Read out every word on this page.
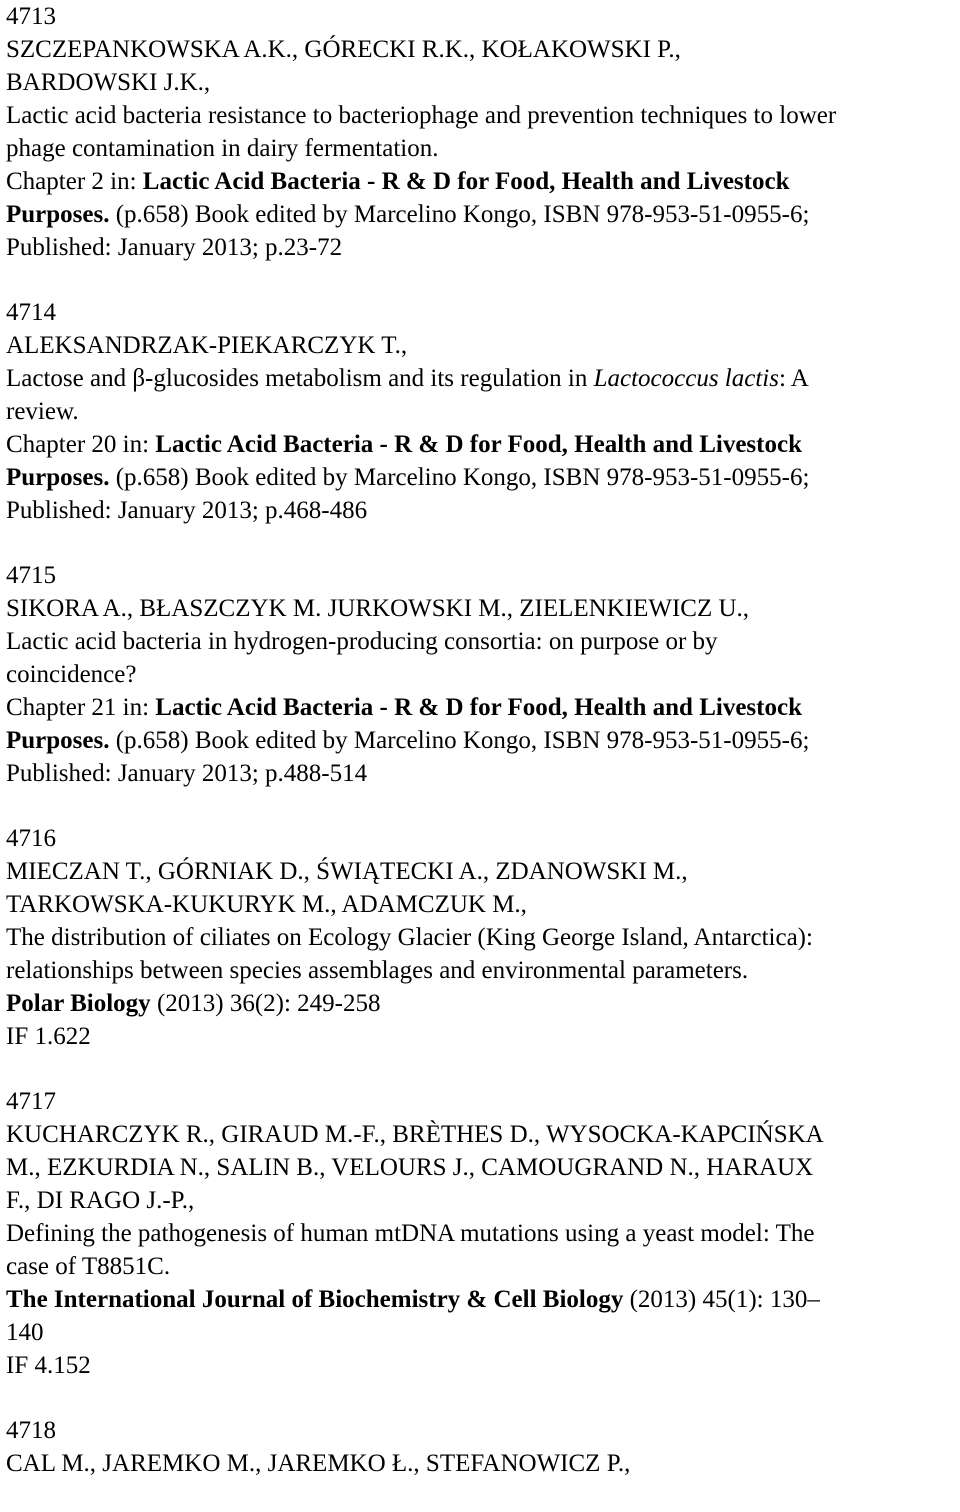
4713
SZCZEPANKOWSKA A.K., GÓRECKI R.K., KOŁAKOWSKI P.,
BARDOWSKI J.K.,
Lactic acid bacteria resistance to bacteriophage and prevention techniques to lower
phage contamination in dairy fermentation.
Chapter 2 in: Lactic Acid Bacteria - R & D for Food, Health and Livestock
Purposes. (p.658) Book edited by Marcelino Kongo, ISBN 978-953-51-0955-6;
Published: January 2013; p.23-72
4714
ALEKSANDRZAK-PIEKARCZYK T.,
Lactose and β-glucosides metabolism and its regulation in Lactococcus lactis: A
review.
Chapter 20 in: Lactic Acid Bacteria - R & D for Food, Health and Livestock
Purposes. (p.658) Book edited by Marcelino Kongo, ISBN 978-953-51-0955-6;
Published: January 2013; p.468-486
4715
SIKORA A., BŁASZCZYK M. JURKOWSKI M., ZIELENKIEWICZ U.,
Lactic acid bacteria in hydrogen-producing consortia: on purpose or by
coincidence?
Chapter 21 in: Lactic Acid Bacteria - R & D for Food, Health and Livestock
Purposes. (p.658) Book edited by Marcelino Kongo, ISBN 978-953-51-0955-6;
Published: January 2013; p.488-514
4716
MIECZAN T., GÓRNIAK D., ŚWIĄTECKI A., ZDANOWSKI M.,
TARKOWSKA-KUKURYK M., ADAMCZUK M.,
The distribution of ciliates on Ecology Glacier (King George Island, Antarctica):
relationships between species assemblages and environmental parameters.
Polar Biology (2013) 36(2): 249-258
IF 1.622
4717
KUCHARCZYK R., GIRAUD M.-F., BRÈTHES D., WYSOCKA-KAPCIŃSKA
M., EZKURDIA N., SALIN B., VELOURS J., CAMOUGRAND N., HARAUX
F., DI RAGO J.-P.,
Defining the pathogenesis of human mtDNA mutations using a yeast model: The
case of T8851C.
The International Journal of Biochemistry & Cell Biology (2013) 45(1): 130–
140
IF 4.152
4718
CAL M., JAREMKO M., JAREMKO Ł., STEFANOWICZ P.,
